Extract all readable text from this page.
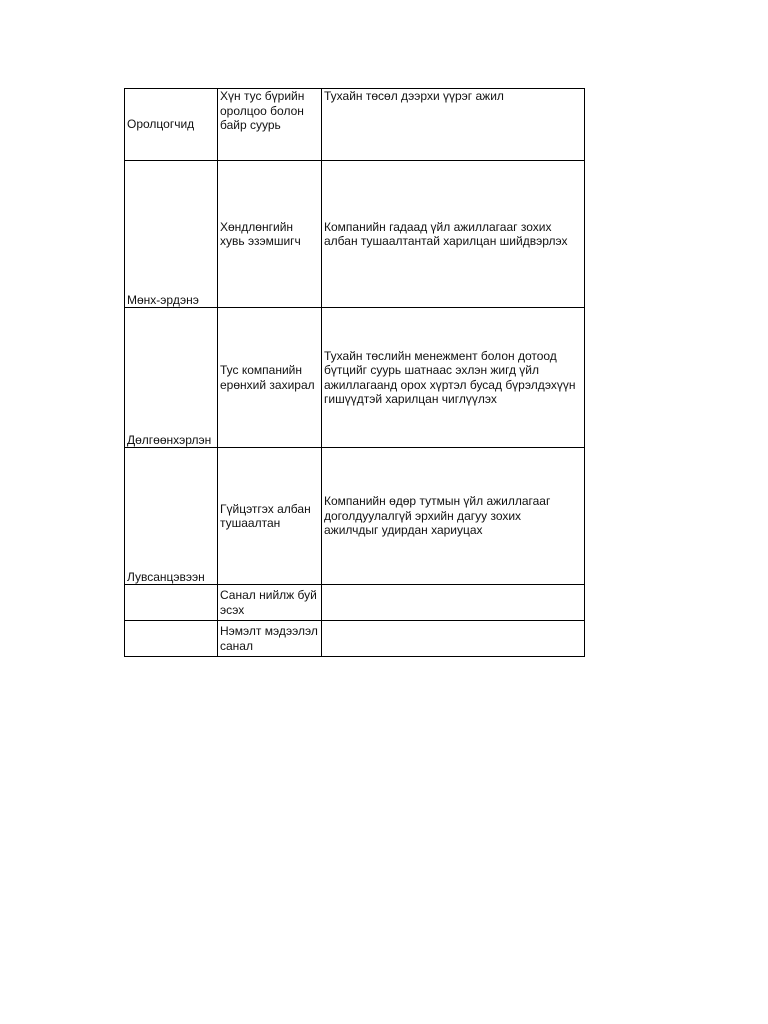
Оролцогчид	Хүн тус бүрийн
оролцоо болон
байр суурь	Тухайн төсөл дээрхи үүрэг ажил
Мөнх-эрдэнэ	Хөндлөнгийн
хувь эзэмшигч	Компанийн гадаад үйл ажиллагааг зохих
албан тушаалтантай харилцан шийдвэрлэх
Дөлгөөнхэрлэн	Тус компанийн
ерөнхий захирал	Тухайн төслийн менежмент болон дотоод
бүтцийг суурь шатнаас эхлэн жигд үйл
ажиллагаанд орох хүртэл бусад бүрэлдэхүүн
гишүүдтэй харилцан чиглүүлэх
Лувсанцэвээн	Гүйцэтгэх албан
тушаалтан	Компанийн өдөр тутмын үйл ажиллагааг
доголдуулалгүй эрхийн дагуу зохих
ажилчдыг удирдан хариуцах
	Санал нийлж буй
эсэх	
	Нэмэлт мэдээлэл
санал	
